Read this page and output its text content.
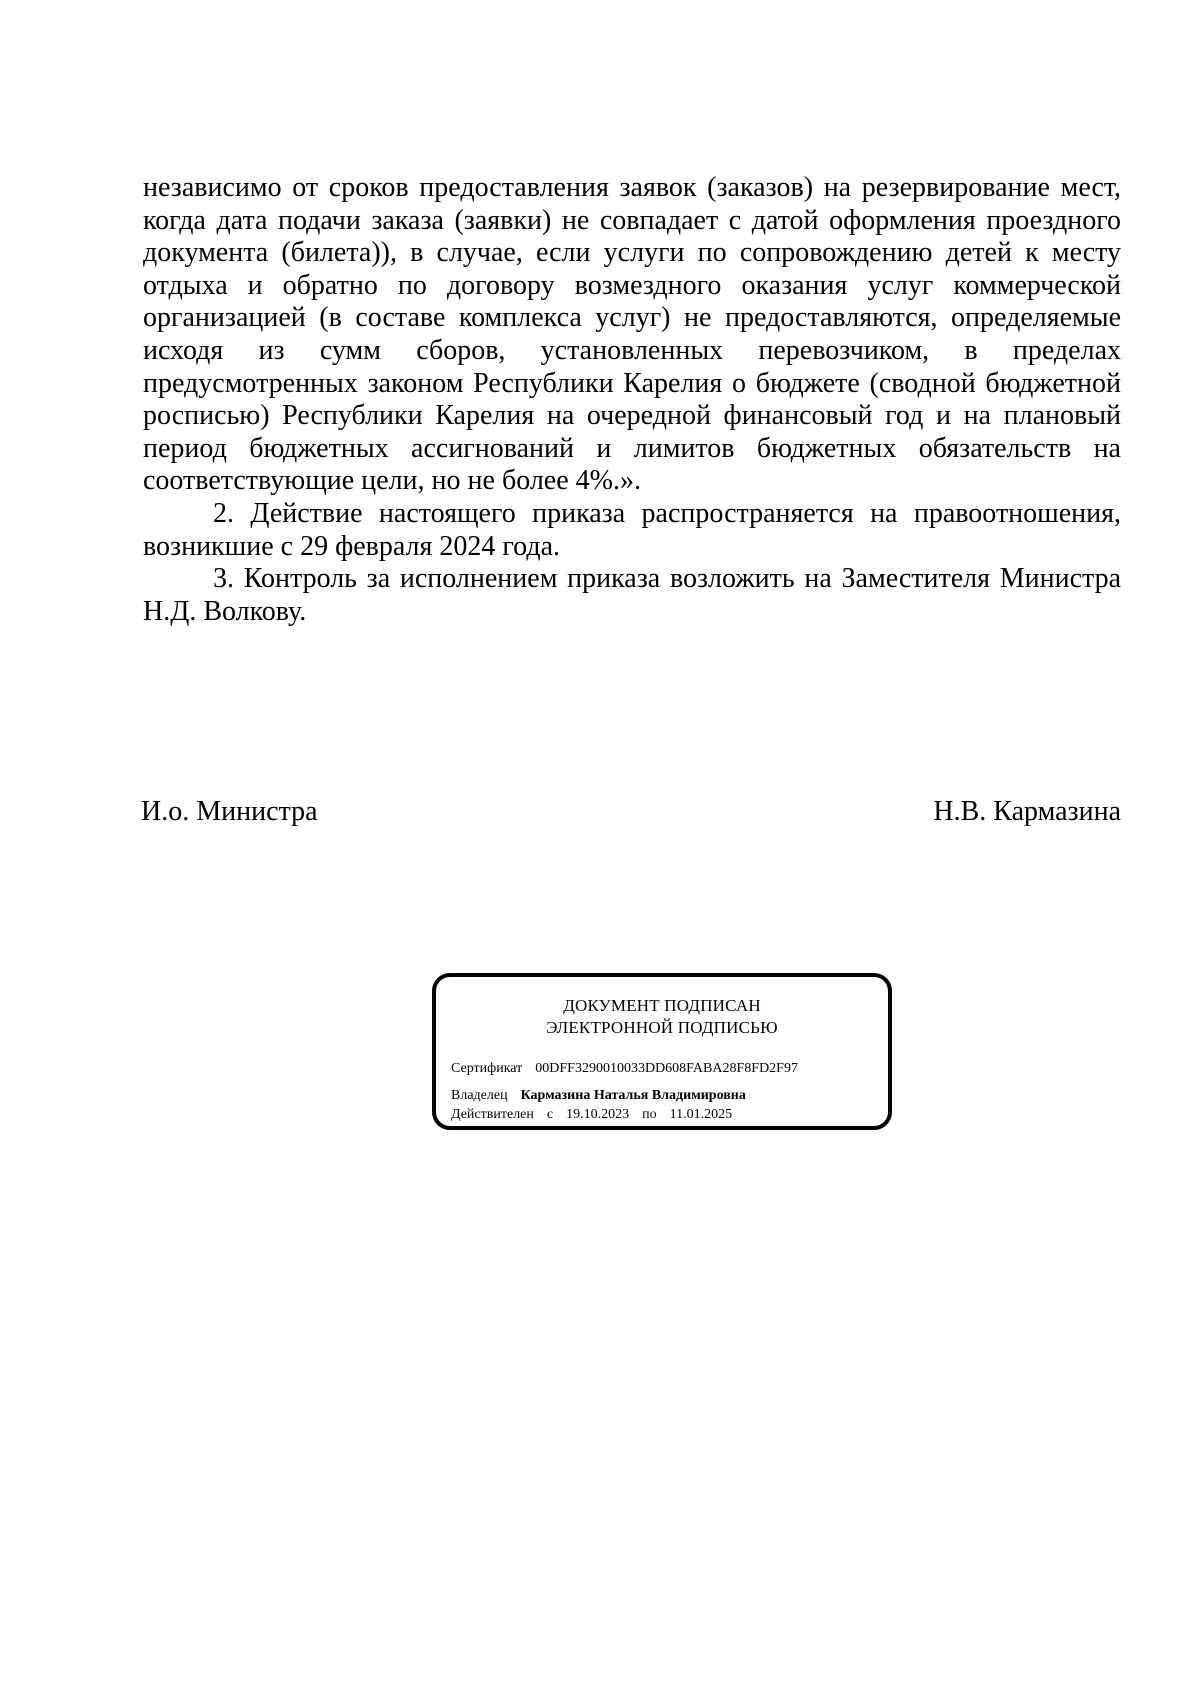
независимо от сроков предоставления заявок (заказов) на резервирование мест, когда дата подачи заказа (заявки) не совпадает с датой оформления проездного документа (билета)), в случае, если услуги по сопровождению детей к месту отдыха и обратно по договору возмездного оказания услуг коммерческой организацией (в составе комплекса услуг) не предоставляются, определяемые исходя из сумм сборов, установленных перевозчиком, в пределах предусмотренных законом Республики Карелия о бюджете (сводной бюджетной росписью) Республики Карелия на очередной финансовый год и на плановый период бюджетных ассигнований и лимитов бюджетных обязательств на соответствующие цели, но не более 4%.».

2. Действие настоящего приказа распространяется на правоотношения, возникшие с 29 февраля 2024 года.

3. Контроль за исполнением приказа возложить на Заместителя Министра Н.Д. Волкову.

И.о. Министра	Н.В. Кармазина
ДОКУМЕНТ ПОДПИСАН
ЭЛЕКТРОННОЙ ПОДПИСЬЮ
Сертификат 00DFF3290010033DD608FABA28F8FD2F97
Владелец Кармазина Наталья Владимировна
Действителен с 19.10.2023 по 11.01.2025
